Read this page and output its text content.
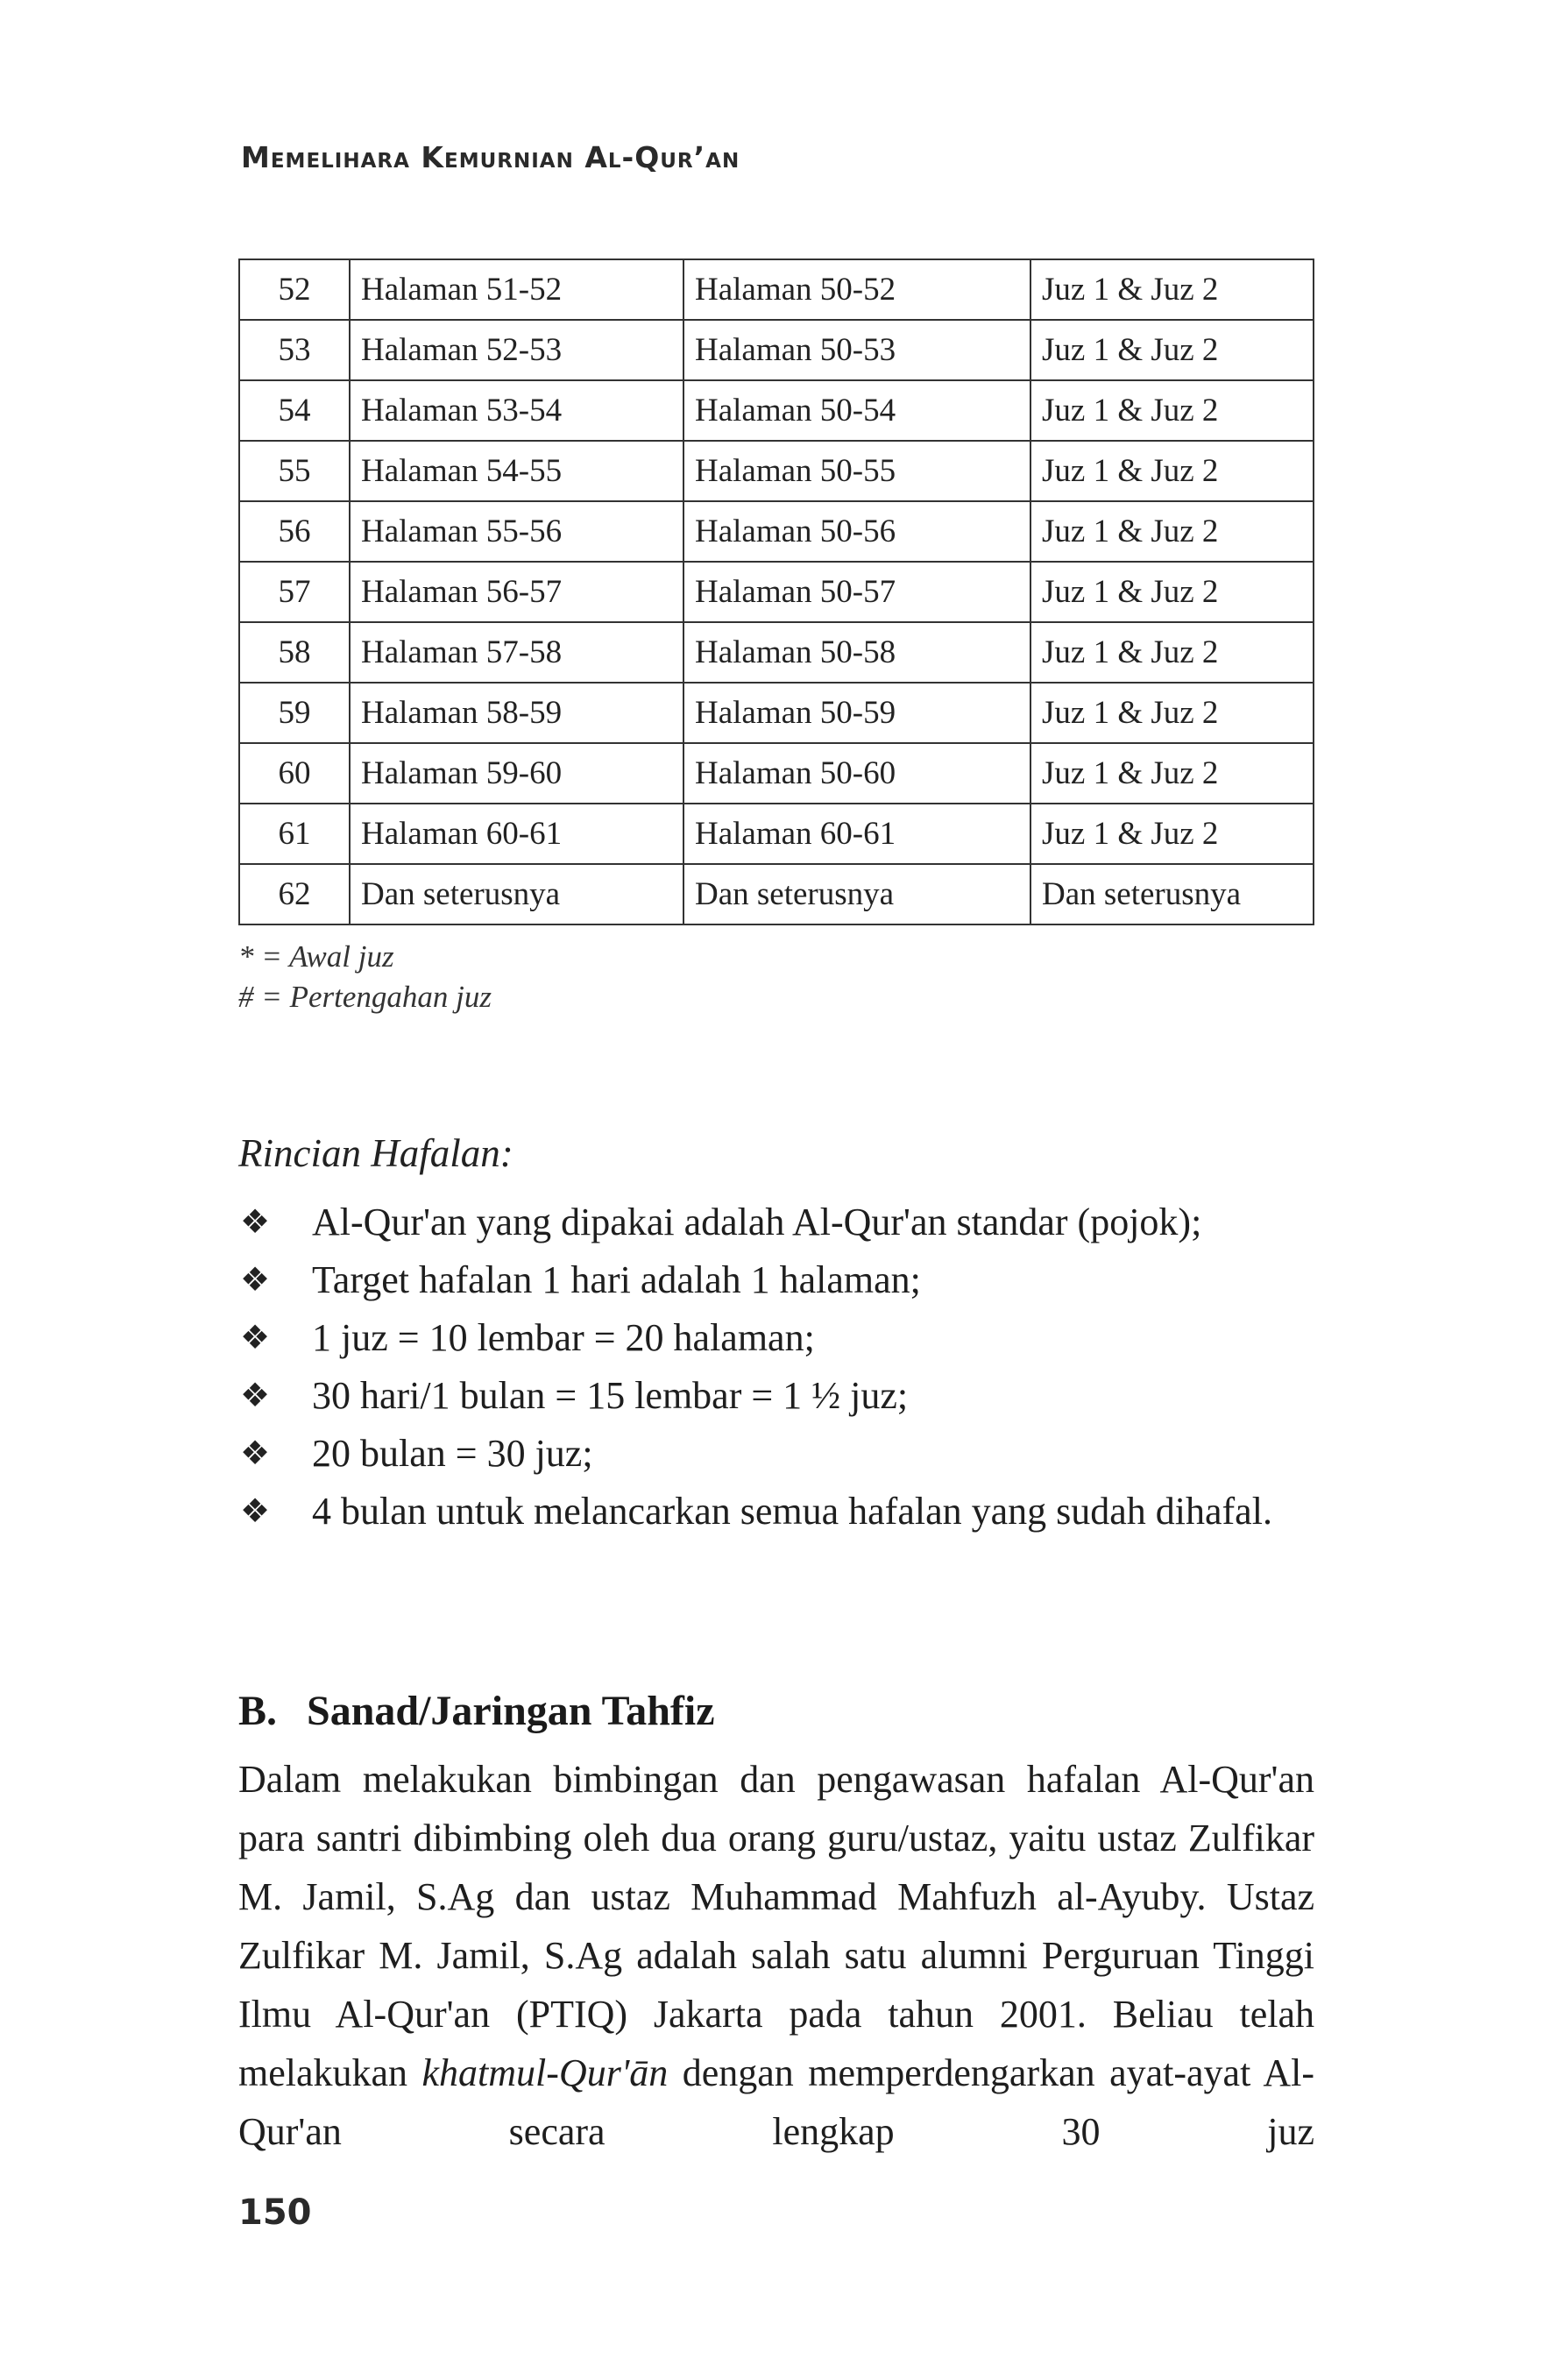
Memelihara Kemurnian Al-Qur’an
52	Halaman 51-52	Halaman 50-52	Juz 1 & Juz 2
53	Halaman 52-53	Halaman 50-53	Juz 1 & Juz 2
54	Halaman 53-54	Halaman 50-54	Juz 1 & Juz 2
55	Halaman 54-55	Halaman 50-55	Juz 1 & Juz 2
56	Halaman 55-56	Halaman 50-56	Juz 1 & Juz 2
57	Halaman 56-57	Halaman 50-57	Juz 1 & Juz 2
58	Halaman 57-58	Halaman 50-58	Juz 1 & Juz 2
59	Halaman 58-59	Halaman 50-59	Juz 1 & Juz 2
60	Halaman 59-60	Halaman 50-60	Juz 1 & Juz 2
61	Halaman 60-61	Halaman 60-61	Juz 1 & Juz 2
62	Dan seterusnya	Dan seterusnya	Dan seterusnya
* = Awal juz
# = Pertengahan juz
Rincian Hafalan:
❖ Al-Qur'an yang dipakai adalah Al-Qur'an standar (pojok);
❖ Target hafalan 1 hari adalah 1 halaman;
❖ 1 juz = 10 lembar = 20 halaman;
❖ 30 hari/1 bulan = 15 lembar = 1 ½ juz;
❖ 20 bulan = 30 juz;
❖ 4 bulan untuk melancarkan semua hafalan yang sudah dihafal.
B. Sanad/Jaringan Tahfiz

Dalam melakukan bimbingan dan pengawasan hafalan Al-Qur'an para santri dibimbing oleh dua orang guru/ustaz, yaitu ustaz Zulfikar M. Jamil, S.Ag dan ustaz Muhammad Mahfuzh al-Ayuby. Ustaz Zulfikar M. Jamil, S.Ag adalah salah satu alumni Perguruan Tinggi Ilmu Al-Qur'an (PTIQ) Jakarta pada tahun 2001. Beliau telah melakukan khatmul-Qur'ān dengan memperdengarkan ayat-ayat Al-Qur'an secara lengkap 30 juz

150
